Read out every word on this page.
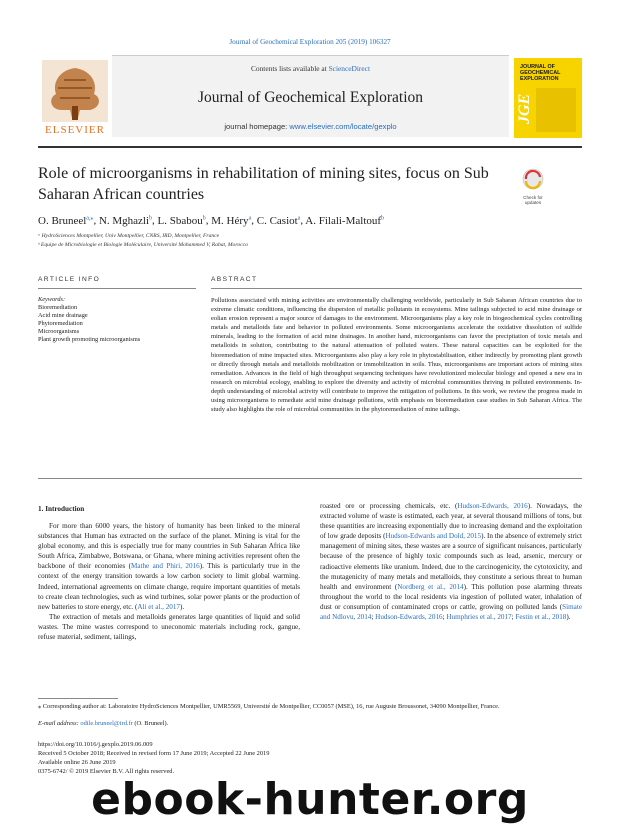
Journal of Geochemical Exploration 205 (2019) 106327
ELSEVIER
Contents lists available at ScienceDirect
Journal of Geochemical Exploration
journal homepage: www.elsevier.com/locate/gexplo
JOURNAL OF GEOCHEMICAL EXPLORATION
JGE
Role of microorganisms in rehabilitation of mining sites, focus on Sub
Saharan African countries	Check for
updates
O. Bruneel$^{a,⁎}$, N. Mghazli$^b$, L. Sbabou$^b$, M. Héry$^a$, C. Casiot$^a$, A. Filali-Maltouf$^b$
ᵃ HydroSciences Montpellier, Univ Montpellier, CNRS, IRD, Montpellier, France
ᵇ Equipe de Microbiologie et Biologie Moléculaire, Université Mohammed V, Rabat, Morocco
ARTICLE INFO
Keywords:
Bioremediation
Acid mine drainage
Phytoremediation
Microorganisms
Plant growth promoting microorganisms
ABSTRACT
Pollutions associated with mining activities are environmentally challenging worldwide, particularly in Sub Saharan African countries due to extreme climatic conditions, influencing the dispersion of metallic pollutants in ecosystems. Mine tailings subjected to acid mine drainage or eolian erosion represent a major source of damages to the environment. Microorganisms play a key role in biogeochemical cycles controlling metals and metalloids fate and behavior in polluted environments. Some microorganisms accelerate the oxidative dissolution of sulfide minerals, leading to the formation of acid mine drainages. In another hand, microorganisms can favor the precipitation of toxic metals and metalloids in solution, contributing to the natural attenuation of polluted waters. These natural capacities can be exploited for the bioremediation of mine impacted sites. Microorganisms also play a key role in phytostabilisation, either indirectly by promoting plant growth or directly through metals and metalloids mobilization or immobilization in soils. Thus, microorganisms are important actors of mining sites remediation. Advances in the field of high throughput sequencing techniques have revolutionized molecular biology and opened a new era in research on microbial ecology, enabling to explore the diversity and activity of microbial communities thriving in polluted environments. In-depth understanding of microbial activity will contribute to improve the mitigation of pollutions. In this work, we review the progress made in using microorganisms to remediate acid mine drainage pollutions, with emphasis on bioremediation case studies in Sub Saharan Africa. The study also highlights the role of microbial communities in the phytoremediation of mine tailings.
1. Introduction

For more than 6000 years, the history of humanity has been linked to the mineral substances that Human has extracted on the surface of the planet. Mining is vital for the global economy, and this is especially true for many countries in Sub Saharan Africa like South Africa, Zimbabwe, Botswana, or Ghana, where mining activities represent often the backbone of their economies (Mathe and Phiri, 2016). This is particularly true in the context of the energy transition towards a low carbon society to limit global warming. Indeed, international agreements on climate change, require important quantities of metals to create clean technologies, such as wind turbines, solar power plants or the production of new batteries to store energy, etc. (Ali et al., 2017).

The extraction of metals and metalloids generates large quantities of liquid and solid wastes. The mine wastes correspond to uneconomic materials including rock, gangue, refuse material, sediment, tailings,

roasted ore or processing chemicals, etc. (Hudson-Edwards, 2016). Nowadays, the extracted volume of waste is estimated, each year, at several thousand millions of tons, but these quantities are increasing exponentially due to increasing demand and the exploitation of low grade deposits (Hudson-Edwards and Dold, 2015). In the absence of extremely strict management of mining sites, these wastes are a source of significant nuisances, particularly because of the presence of highly toxic compounds such as lead, arsenic, mercury or radioactive elements like uranium. Indeed, due to the carcinogenicity, the cytotoxicity, and the mutagenicity of many metals and metalloids, they constitute a serious threat to human health and environment (Nordberg et al., 2014). This pollution pose alarming threats throughout the world to the local residents via ingestion of polluted water, inhalation of dust or consumption of contaminated crops or cattle, growing on polluted lands (Simate and Ndlovu, 2014; Hudson-Edwards, 2016; Humphries et al., 2017; Festin et al., 2018).

⁎ Corresponding author at: Laboratoire HydroSciences Montpellier, UMR5569, Université de Montpellier, CC0057 (MSE), 16, rue Auguste Broussonet, 34090 Montpellier, France.
E-mail address: odile.bruneel@ird.fr (O. Bruneel).
https://doi.org/10.1016/j.gexplo.2019.06.009
Received 5 October 2018; Received in revised form 17 June 2019; Accepted 22 June 2019
Available online 26 June 2019
0375-6742/ © 2019 Elsevier B.V. All rights reserved.
ebook-hunter.org
